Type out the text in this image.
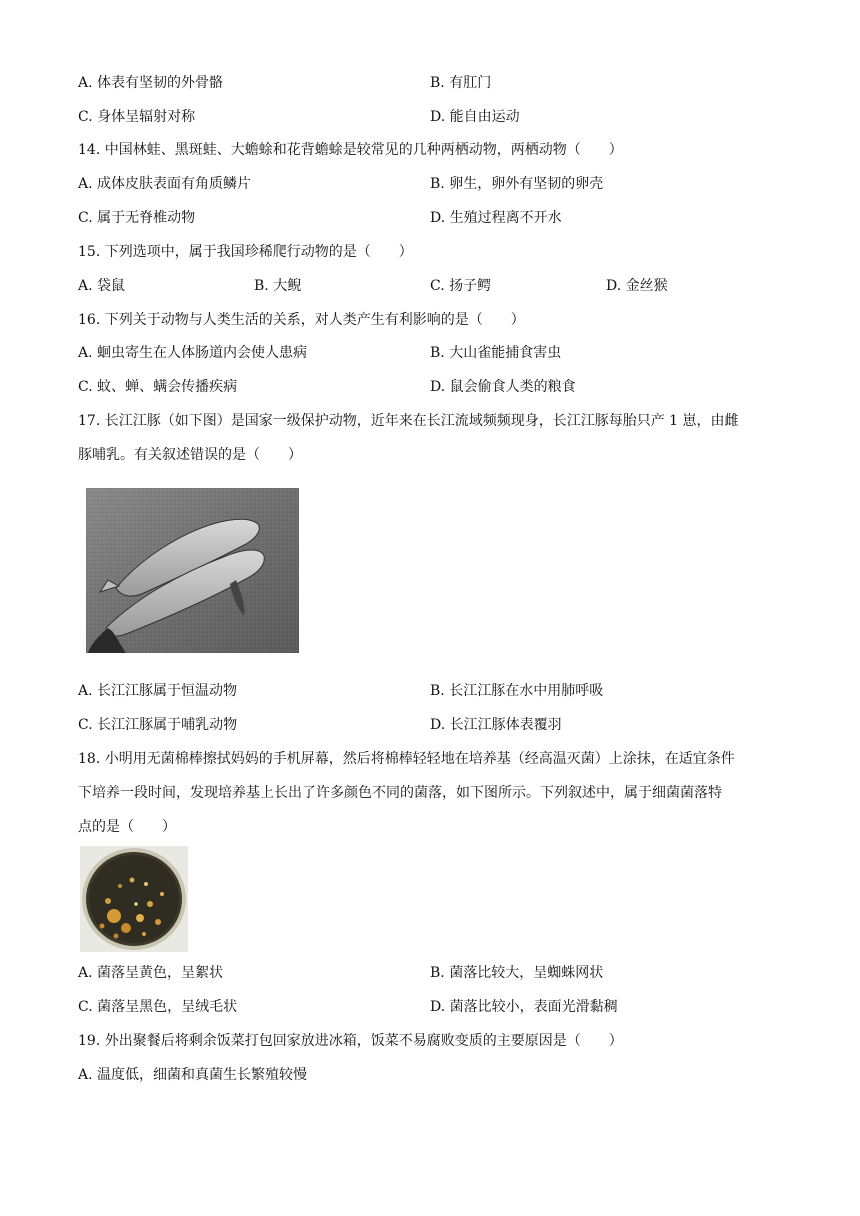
A. 体表有坚韧的外骨骼	B. 有肛门
C. 身体呈辐射对称	D. 能自由运动
14. 中国林蛙、黑斑蛙、大蟾蜍和花背蟾蜍是较常见的几种两栖动物，两栖动物（　　）
A. 成体皮肤表面有角质鳞片	B. 卵生，卵外有坚韧的卵壳
C. 属于无脊椎动物	D. 生殖过程离不开水
15. 下列选项中，属于我国珍稀爬行动物的是（　　）
A. 袋鼠	B. 大鲵	C. 扬子鳄	D. 金丝猴
16. 下列关于动物与人类生活的关系，对人类产生有利影响的是（　　）
A. 蛔虫寄生在人体肠道内会使人患病	B. 大山雀能捕食害虫
C. 蚊、蝉、螨会传播疾病	D. 鼠会偷食人类的粮食
17. 长江江豚（如下图）是国家一级保护动物，近年来在长江流域频频现身，长江江豚每胎只产 1 崽，由雌
豚哺乳。有关叙述错误的是（　　）
A. 长江江豚属于恒温动物	B. 长江江豚在水中用肺呼吸
C. 长江江豚属于哺乳动物	D. 长江江豚体表覆羽
18. 小明用无菌棉棒擦拭妈妈的手机屏幕，然后将棉棒轻轻地在培养基（经高温灭菌）上涂抹，在适宜条件
下培养一段时间，发现培养基上长出了许多颜色不同的菌落，如下图所示。下列叙述中，属于细菌菌落特
点的是（　　）
A. 菌落呈黄色，呈絮状	B. 菌落比较大，呈蜘蛛网状
C. 菌落呈黑色，呈绒毛状	D. 菌落比较小，表面光滑黏稠
19. 外出聚餐后将剩余饭菜打包回家放进冰箱，饭菜不易腐败变质的主要原因是（　　）
A. 温度低，细菌和真菌生长繁殖较慢
